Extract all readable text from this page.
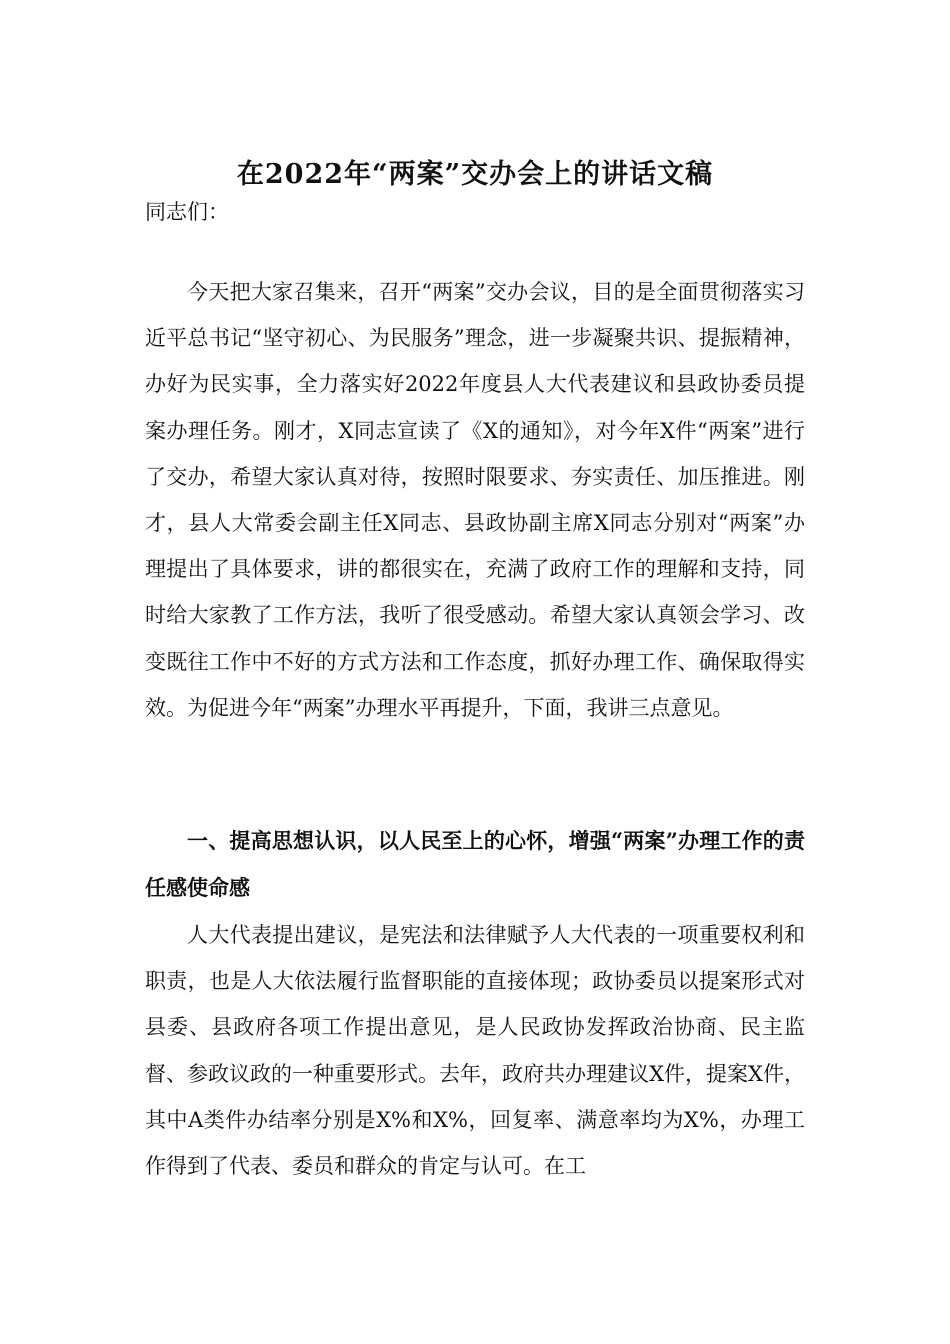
在2022年“两案”交办会上的讲话文稿

同志们：

今天把大家召集来，召开“两案”交办会议，目的是全面贯彻落实习近平总书记“坚守初心、为民服务”理念，进一步凝聚共识、提振精神，办好为民实事，全力落实好2022年度县人大代表建议和县政协委员提案办理任务。刚才，X同志宣读了《X的通知》，对今年X件“两案”进行了交办，希望大家认真对待，按照时限要求、夯实责任、加压推进。刚才，县人大常委会副主任X同志、县政协副主席X同志分别对“两案”办理提出了具体要求，讲的都很实在，充满了政府工作的理解和支持，同时给大家教了工作方法，我听了很受感动。希望大家认真领会学习、改变既往工作中不好的方式方法和工作态度，抓好办理工作、确保取得实效。为促进今年“两案”办理水平再提升，下面，我讲三点意见。

一、提高思想认识，以人民至上的心怀，增强“两案”办理工作的责任感使命感

人大代表提出建议，是宪法和法律赋予人大代表的一项重要权利和职责，也是人大依法履行监督职能的直接体现；政协委员以提案形式对县委、县政府各项工作提出意见，是人民政协发挥政治协商、民主监督、参政议政的一种重要形式。去年，政府共办理建议X件，提案X件，其中A类件办结率分别是X%和X%，回复率、满意率均为X%，办理工作得到了代表、委员和群众的肯定与认可。在工
